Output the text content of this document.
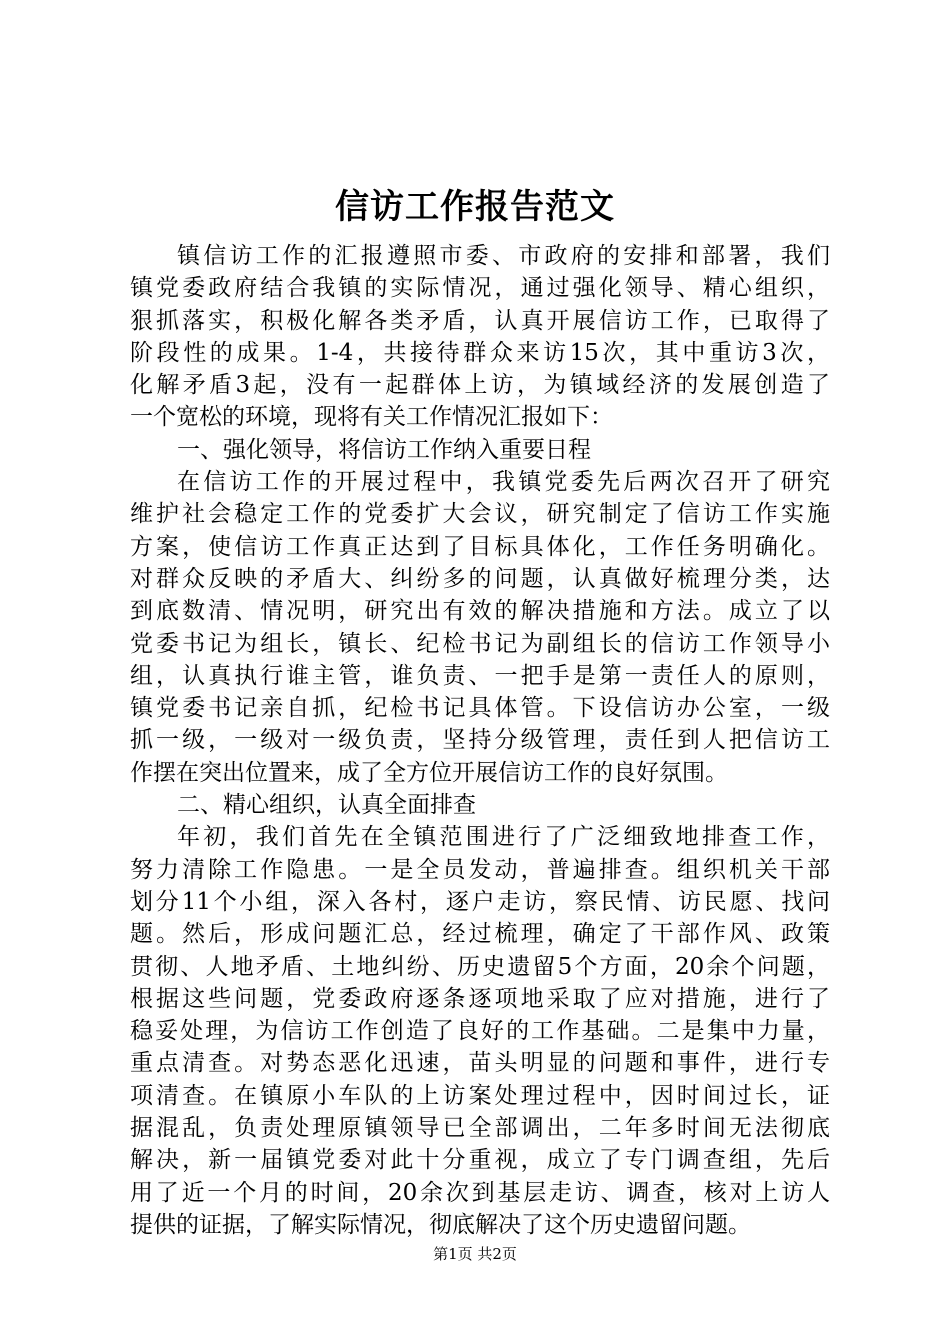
信访工作报告范文
镇信访工作的汇报遵照市委、市政府的安排和部署，我们
镇党委政府结合我镇的实际情况，通过强化领导、精心组织，
狠抓落实，积极化解各类矛盾，认真开展信访工作，已取得了
阶段性的成果。1-4，共接待群众来访15次，其中重访3次，
化解矛盾3起，没有一起群体上访，为镇域经济的发展创造了
一个宽松的环境，现将有关工作情况汇报如下：
一、强化领导，将信访工作纳入重要日程
在信访工作的开展过程中，我镇党委先后两次召开了研究
维护社会稳定工作的党委扩大会议，研究制定了信访工作实施
方案，使信访工作真正达到了目标具体化，工作任务明确化。
对群众反映的矛盾大、纠纷多的问题，认真做好梳理分类，达
到底数清、情况明，研究出有效的解决措施和方法。成立了以
党委书记为组长，镇长、纪检书记为副组长的信访工作领导小
组，认真执行谁主管，谁负责、一把手是第一责任人的原则，
镇党委书记亲自抓，纪检书记具体管。下设信访办公室，一级
抓一级，一级对一级负责，坚持分级管理，责任到人把信访工
作摆在突出位置来，成了全方位开展信访工作的良好氛围。
二、精心组织，认真全面排查
年初，我们首先在全镇范围进行了广泛细致地排查工作，
努力清除工作隐患。一是全员发动，普遍排查。组织机关干部
划分11个小组，深入各村，逐户走访，察民情、访民愿、找问
题。然后，形成问题汇总，经过梳理，确定了干部作风、政策
贯彻、人地矛盾、土地纠纷、历史遗留5个方面，20余个问题，
根据这些问题，党委政府逐条逐项地采取了应对措施，进行了
稳妥处理，为信访工作创造了良好的工作基础。二是集中力量，
重点清查。对势态恶化迅速，苗头明显的问题和事件，进行专
项清查。在镇原小车队的上访案处理过程中，因时间过长，证
据混乱，负责处理原镇领导已全部调出，二年多时间无法彻底
解决，新一届镇党委对此十分重视，成立了专门调查组，先后
用了近一个月的时间，20余次到基层走访、调查，核对上访人
提供的证据，了解实际情况，彻底解决了这个历史遗留问题。
第1页 共2页
